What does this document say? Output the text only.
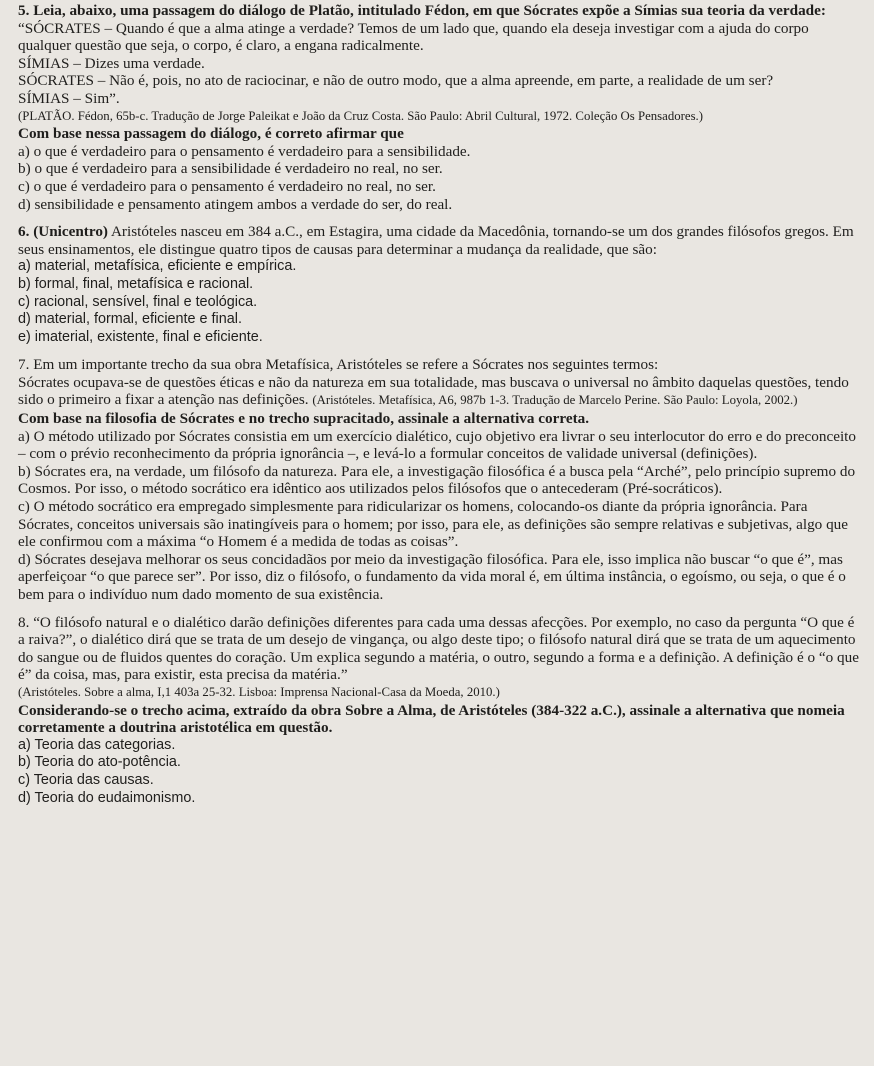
5. Leia, abaixo, uma passagem do diálogo de Platão, intitulado Fédon, em que Sócrates expõe a Símias sua teoria da verdade:

“SÓCRATES – Quando é que a alma atinge a verdade? Temos de um lado que, quando ela deseja investigar com a ajuda do corpo qualquer questão que seja, o corpo, é claro, a engana radicalmente.

SÍMIAS – Dizes uma verdade.

SÓCRATES – Não é, pois, no ato de raciocinar, e não de outro modo, que a alma apreende, em parte, a realidade de um ser?

SÍMIAS – Sim”.

(PLATÃO. Fédon, 65b-c. Tradução de Jorge Paleikat e João da Cruz Costa. São Paulo: Abril Cultural, 1972. Coleção Os Pensadores.)

Com base nessa passagem do diálogo, é correto afirmar que

a) o que é verdadeiro para o pensamento é verdadeiro para a sensibilidade.

b) o que é verdadeiro para a sensibilidade é verdadeiro no real, no ser.

c) o que é verdadeiro para o pensamento é verdadeiro no real, no ser.

d) sensibilidade e pensamento atingem ambos a verdade do ser, do real.

6. (Unicentro) Aristóteles nasceu em 384 a.C., em Estagira, uma cidade da Macedônia, tornando-se um dos grandes filósofos gregos. Em seus ensinamentos, ele distingue quatro tipos de causas para determinar a mudança da realidade, que são:

a) material, metafísica, eficiente e empírica.

b) formal, final, metafísica e racional.

c) racional, sensível, final e teológica.

d) material, formal, eficiente e final.

e) imaterial, existente, final e eficiente.

7. Em um importante trecho da sua obra Metafísica, Aristóteles se refere a Sócrates nos seguintes termos:

Sócrates ocupava-se de questões éticas e não da natureza em sua totalidade, mas buscava o universal no âmbito daquelas questões, tendo sido o primeiro a fixar a atenção nas definições. (Aristóteles. Metafísica, A6, 987b 1-3. Tradução de Marcelo Perine. São Paulo: Loyola, 2002.)

Com base na filosofia de Sócrates e no trecho supracitado, assinale a alternativa correta.

a) O método utilizado por Sócrates consistia em um exercício dialético, cujo objetivo era livrar o seu interlocutor do erro e do preconceito – com o prévio reconhecimento da própria ignorância –, e levá-lo a formular conceitos de validade universal (definições).

b) Sócrates era, na verdade, um filósofo da natureza. Para ele, a investigação filosófica é a busca pela “Arché”, pelo princípio supremo do Cosmos. Por isso, o método socrático era idêntico aos utilizados pelos filósofos que o antecederam (Pré-socráticos).

c) O método socrático era empregado simplesmente para ridicularizar os homens, colocando-os diante da própria ignorância. Para Sócrates, conceitos universais são inatingíveis para o homem; por isso, para ele, as definições são sempre relativas e subjetivas, algo que ele confirmou com a máxima “o Homem é a medida de todas as coisas”.

d) Sócrates desejava melhorar os seus concidadãos por meio da investigação filosófica. Para ele, isso implica não buscar “o que é”, mas aperfeiçoar “o que parece ser”. Por isso, diz o filósofo, o fundamento da vida moral é, em última instância, o egoísmo, ou seja, o que é o bem para o indivíduo num dado momento de sua existência.

8. “O filósofo natural e o dialético darão definições diferentes para cada uma dessas afecções. Por exemplo, no caso da pergunta “O que é a raiva?”, o dialético dirá que se trata de um desejo de vingança, ou algo deste tipo; o filósofo natural dirá que se trata de um aquecimento do sangue ou de fluidos quentes do coração. Um explica segundo a matéria, o outro, segundo a forma e a definição. A definição é o “o que é” da coisa, mas, para existir, esta precisa da matéria.”

(Aristóteles. Sobre a alma, I,1 403a 25-32. Lisboa: Imprensa Nacional-Casa da Moeda, 2010.)

Considerando-se o trecho acima, extraído da obra Sobre a Alma, de Aristóteles (384-322 a.C.), assinale a alternativa que nomeia corretamente a doutrina aristotélica em questão.

a) Teoria das categorias.

b) Teoria do ato-potência.

c) Teoria das causas.

d) Teoria do eudaimonismo.
